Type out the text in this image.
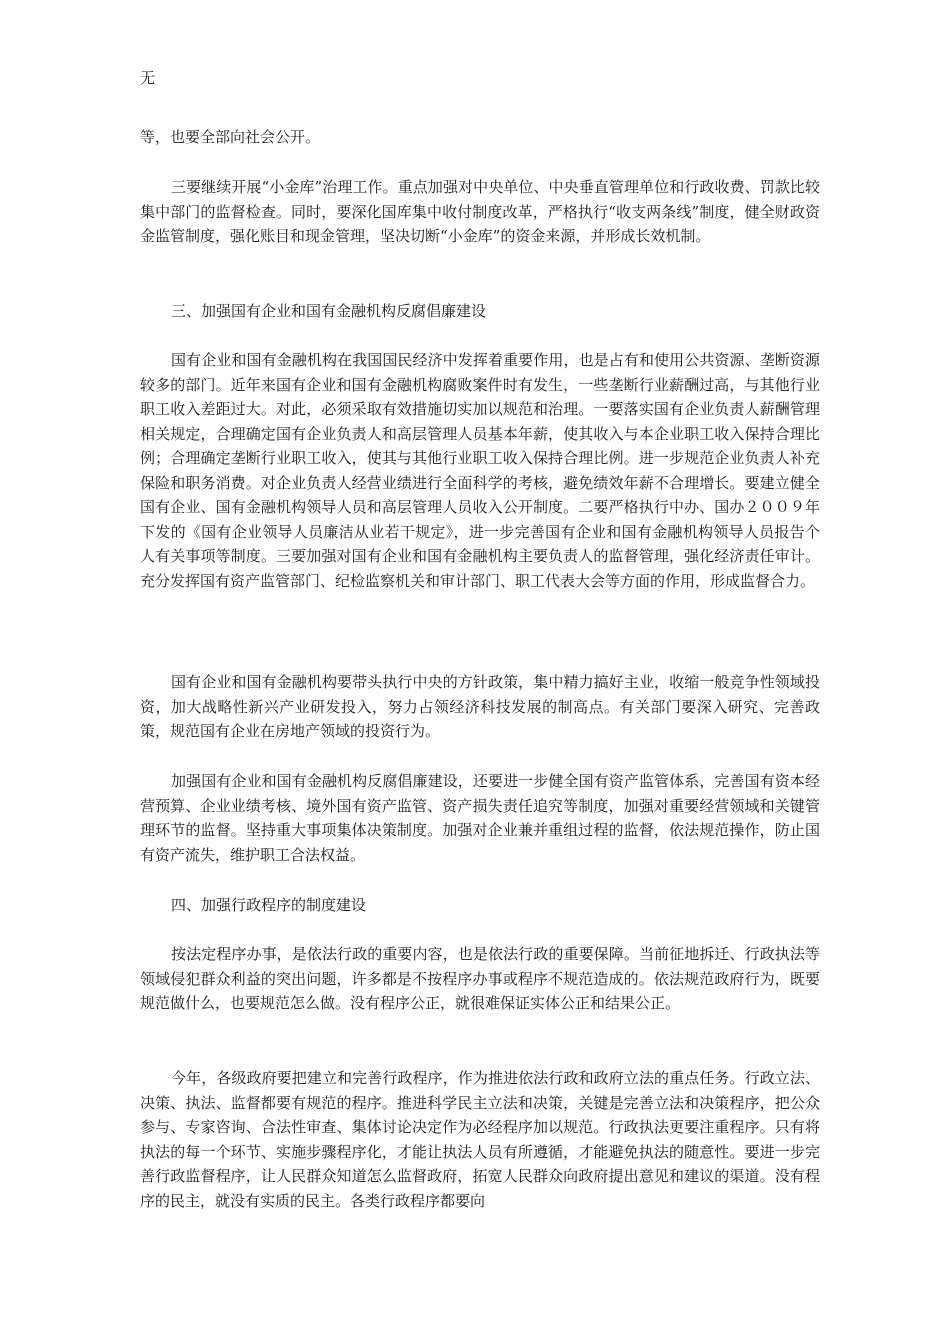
无

等，也要全部向社会公开。

三要继续开展“小金库”治理工作。重点加强对中央单位、中央垂直管理单位和行政收费、罚款比较集中部门的监督检查。同时，要深化国库集中收付制度改革，严格执行“收支两条线”制度，健全财政资金监管制度，强化账目和现金管理，坚决切断“小金库”的资金来源，并形成长效机制。

三、加强国有企业和国有金融机构反腐倡廉建设

国有企业和国有金融机构在我国国民经济中发挥着重要作用，也是占有和使用公共资源、垄断资源较多的部门。近年来国有企业和国有金融机构腐败案件时有发生，一些垄断行业薪酬过高，与其他行业职工收入差距过大。对此，必须采取有效措施切实加以规范和治理。一要落实国有企业负责人薪酬管理相关规定，合理确定国有企业负责人和高层管理人员基本年薪，使其收入与本企业职工收入保持合理比例；合理确定垄断行业职工收入，使其与其他行业职工收入保持合理比例。进一步规范企业负责人补充保险和职务消费。对企业负责人经营业绩进行全面科学的考核，避免绩效年薪不合理增长。要建立健全国有企业、国有金融机构领导人员和高层管理人员收入公开制度。二要严格执行中办、国办２００９年下发的《国有企业领导人员廉洁从业若干规定》，进一步完善国有企业和国有金融机构领导人员报告个人有关事项等制度。三要加强对国有企业和国有金融机构主要负责人的监督管理，强化经济责任审计。充分发挥国有资产监管部门、纪检监察机关和审计部门、职工代表大会等方面的作用，形成监督合力。

国有企业和国有金融机构要带头执行中央的方针政策，集中精力搞好主业，收缩一般竞争性领域投资，加大战略性新兴产业研发投入，努力占领经济科技发展的制高点。有关部门要深入研究、完善政策，规范国有企业在房地产领域的投资行为。

加强国有企业和国有金融机构反腐倡廉建设，还要进一步健全国有资产监管体系，完善国有资本经营预算、企业业绩考核、境外国有资产监管、资产损失责任追究等制度，加强对重要经营领域和关键管理环节的监督。坚持重大事项集体决策制度。加强对企业兼并重组过程的监督，依法规范操作，防止国有资产流失，维护职工合法权益。

四、加强行政程序的制度建设

按法定程序办事，是依法行政的重要内容，也是依法行政的重要保障。当前征地拆迁、行政执法等领域侵犯群众利益的突出问题，许多都是不按程序办事或程序不规范造成的。依法规范政府行为，既要规范做什么，也要规范怎么做。没有程序公正，就很难保证实体公正和结果公正。

今年，各级政府要把建立和完善行政程序，作为推进依法行政和政府立法的重点任务。行政立法、决策、执法、监督都要有规范的程序。推进科学民主立法和决策，关键是完善立法和决策程序，把公众参与、专家咨询、合法性审查、集体讨论决定作为必经程序加以规范。行政执法更要注重程序。只有将执法的每一个环节、实施步骤程序化，才能让执法人员有所遵循，才能避免执法的随意性。要进一步完善行政监督程序，让人民群众知道怎么监督政府，拓宽人民群众向政府提出意见和建议的渠道。没有程序的民主，就没有实质的民主。各类行政程序都要向
